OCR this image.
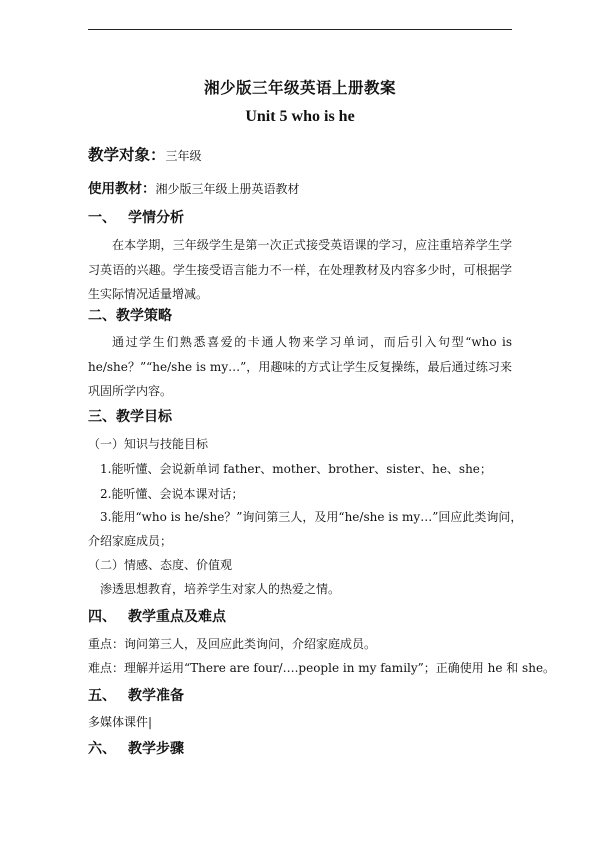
湘少版三年级英语上册教案
Unit 5 who is he
教学对象：三年级
使用教材：湘少版三年级上册英语教材
一、 学情分析
在本学期，三年级学生是第一次正式接受英语课的学习，应注重培养学生学习英语的兴趣。学生接受语言能力不一样，在处理教材及内容多少时，可根据学生实际情况适量增减。
二、教学策略
通过学生们熟悉喜爱的卡通人物来学习单词，而后引入句型“who is he/she？”“he/she is my…”，用趣味的方式让学生反复操练，最后通过练习来巩固所学内容。
三、教学目标
（一）知识与技能目标
1.能听懂、会说新单词 father、mother、brother、sister、he、she；
2.能听懂、会说本课对话；
3.能用“who is he/she？”询问第三人，及用“he/she is my…”回应此类询问，
介绍家庭成员；
（二）情感、态度、价值观
渗透思想教育，培养学生对家人的热爱之情。
四、 教学重点及难点
重点：询问第三人，及回应此类询问，介绍家庭成员。
难点：理解并运用“There are four/….people in my family”；正确使用 he 和 she。
五、 教学准备
多媒体课件|
六、 教学步骤
